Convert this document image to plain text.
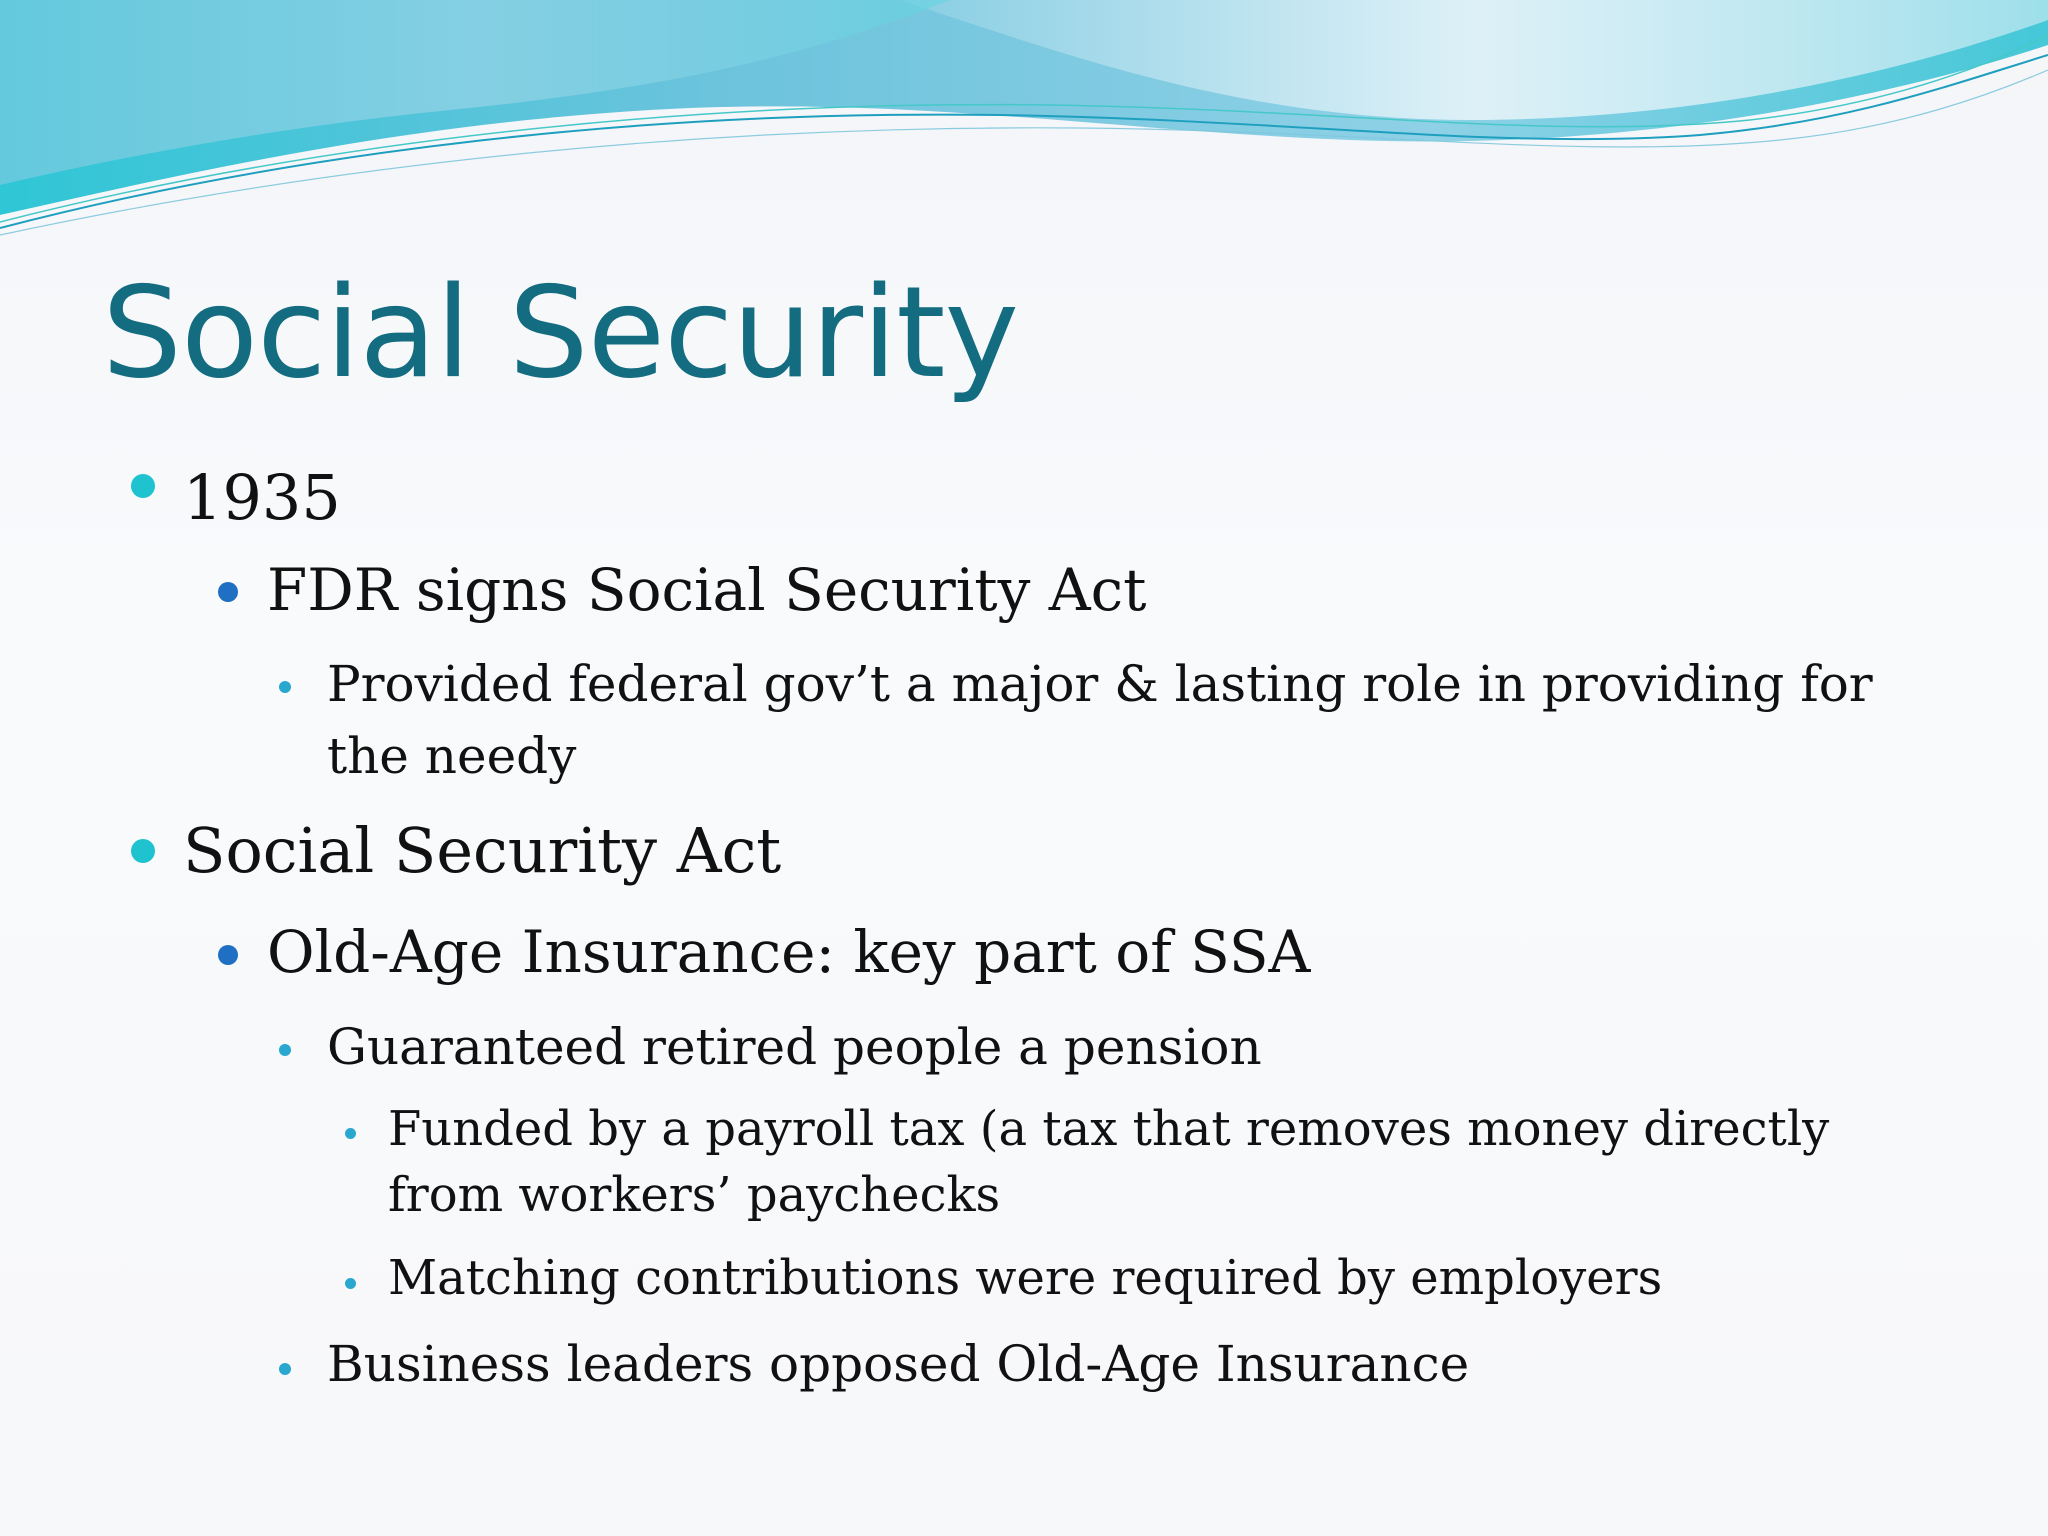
Social Security
1935
FDR signs Social Security Act
Provided federal gov’t a major & lasting role in providing for
the needy
Social Security Act
Old-Age Insurance: key part of SSA
Guaranteed retired people a pension
Funded by a payroll tax (a tax that removes money directly
from workers’ paychecks
Matching contributions were required by employers
Business leaders opposed Old-Age Insurance
